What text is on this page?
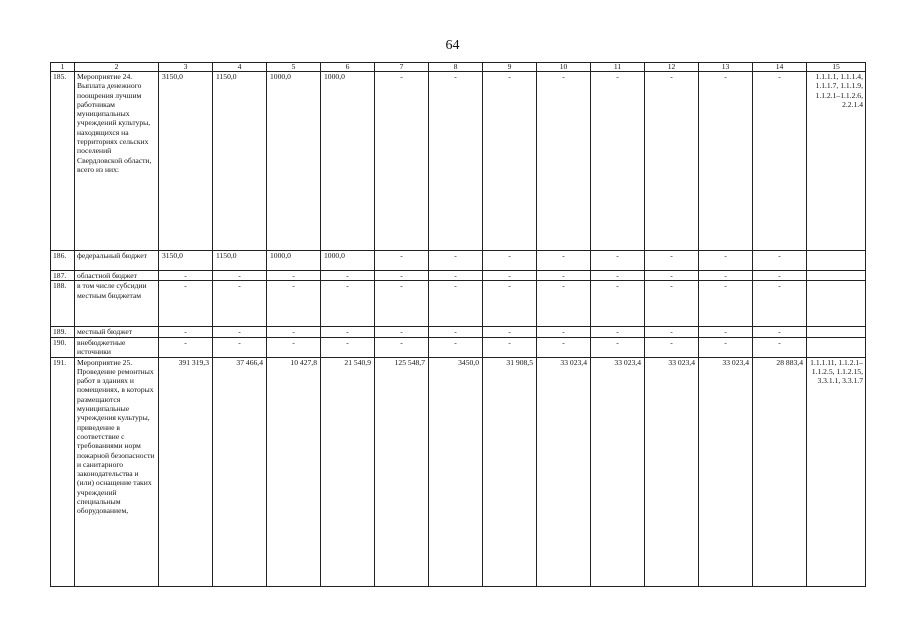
64
1	2	3	4	5	6	7	8	9	10	11	12	13	14	15
185.	Мероприятие 24. Выплата денежного поощрения лучшим работникам муниципальных учреждений культуры, находящихся на территориях сельских поселений Свердловской области, всего из них:	3150,0	1150,0	1000,0	1000,0	-	-	-	-	-	-	-	-	1.1.1.1, 1.1.1.4, 1.1.1.7, 1.1.1.9, 1.1.2.1–1.1.2.6, 2.2.1.4
186.	федеральный бюджет	3150,0	1150,0	1000,0	1000,0	-	-	-	-	-	-	-	-	
187.	областной бюджет	-	-	-	-	-	-	-	-	-	-	-	-	
188.	в том числе субсидии местным бюджетам	-	-	-	-	-	-	-	-	-	-	-	-	
189.	местный бюджет	-	-	-	-	-	-	-	-	-	-	-	-	
190.	внебюджетные источники	-	-	-	-	-	-	-	-	-	-	-	-	
191.	Мероприятие 25. Проведение ремонтных работ в зданиях и помещениях, в которых размещаются муниципальные учреждения культуры, приведение в соответствие с требованиями норм пожарной безопасности и санитарного законодательства и (или) оснащение таких учреждений специальным оборудованием,	391 319,3	37 466,4	10 427,8	21 540,9	125 548,7	3450,0	31 908,5	33 023,4	33 023,4	33 023,4	33 023,4	28 883,4	1.1.1.11, 1.1.2.1–1.1.2.5, 1.1.2.15, 3.3.1.1, 3.3.1.7
